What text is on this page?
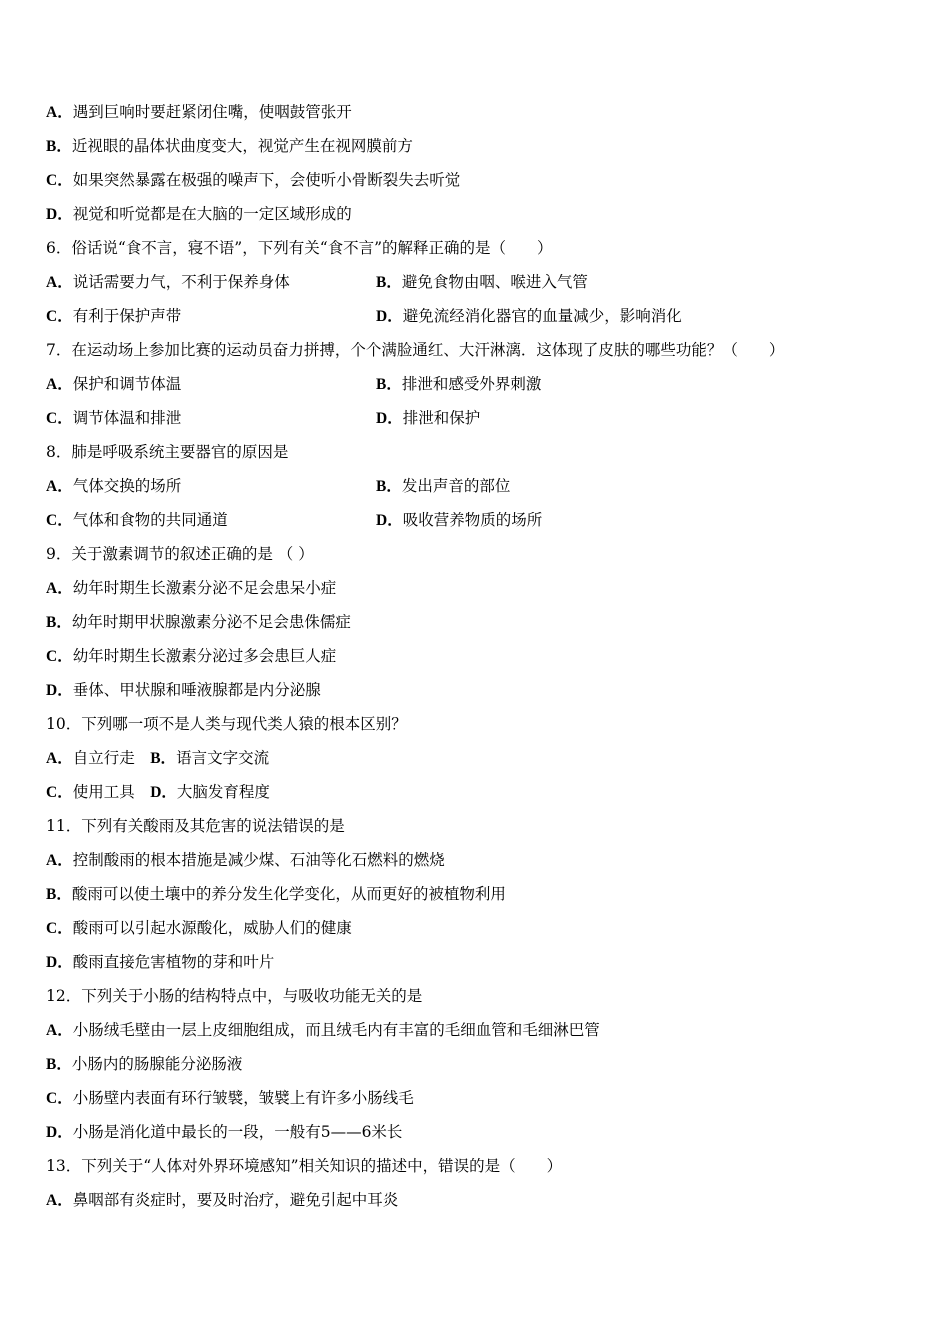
A．遇到巨响时要赶紧闭住嘴，使咽鼓管张开
B．近视眼的晶体状曲度变大，视觉产生在视网膜前方
C．如果突然暴露在极强的噪声下，会使听小骨断裂失去听觉
D．视觉和听觉都是在大脑的一定区域形成的
6．俗话说“食不言，寝不语”，下列有关“食不言”的解释正确的是（　　）
A．说话需要力气，不利于保养身体	B．避免食物由咽、喉进入气管
C．有利于保护声带	D．避免流经消化器官的血量减少，影响消化
7．在运动场上参加比赛的运动员奋力拼搏，个个满脸通红、大汗淋漓．这体现了皮肤的哪些功能？（　　）
A．保护和调节体温	B．排泄和感受外界刺激
C．调节体温和排泄	D．排泄和保护
8．肺是呼吸系统主要器官的原因是
A．气体交换的场所	B．发出声音的部位
C．气体和食物的共同通道	D．吸收营养物质的场所
9．关于激素调节的叙述正确的是 （ ）
A．幼年时期生长激素分泌不足会患呆小症
B．幼年时期甲状腺激素分泌不足会患侏儒症
C．幼年时期生长激素分泌过多会患巨人症
D．垂体、甲状腺和唾液腺都是内分泌腺
10．下列哪一项不是人类与现代类人猿的根本区别？
A．自立行走　B．语言文字交流
C．使用工具　D．大脑发育程度
11．下列有关酸雨及其危害的说法错误的是
A．控制酸雨的根本措施是减少煤、石油等化石燃料的燃烧
B．酸雨可以使土壤中的养分发生化学变化，从而更好的被植物利用
C．酸雨可以引起水源酸化，威胁人们的健康
D．酸雨直接危害植物的芽和叶片
12．下列关于小肠的结构特点中，与吸收功能无关的是
A．小肠绒毛壁由一层上皮细胞组成，而且绒毛内有丰富的毛细血管和毛细淋巴管
B．小肠内的肠腺能分泌肠液
C．小肠壁内表面有环行皱襞，皱襞上有许多小肠线毛
D．小肠是消化道中最长的一段，一般有5——6米长
13．下列关于“人体对外界环境感知”相关知识的描述中，错误的是（　　）
A．鼻咽部有炎症时，要及时治疗，避免引起中耳炎
